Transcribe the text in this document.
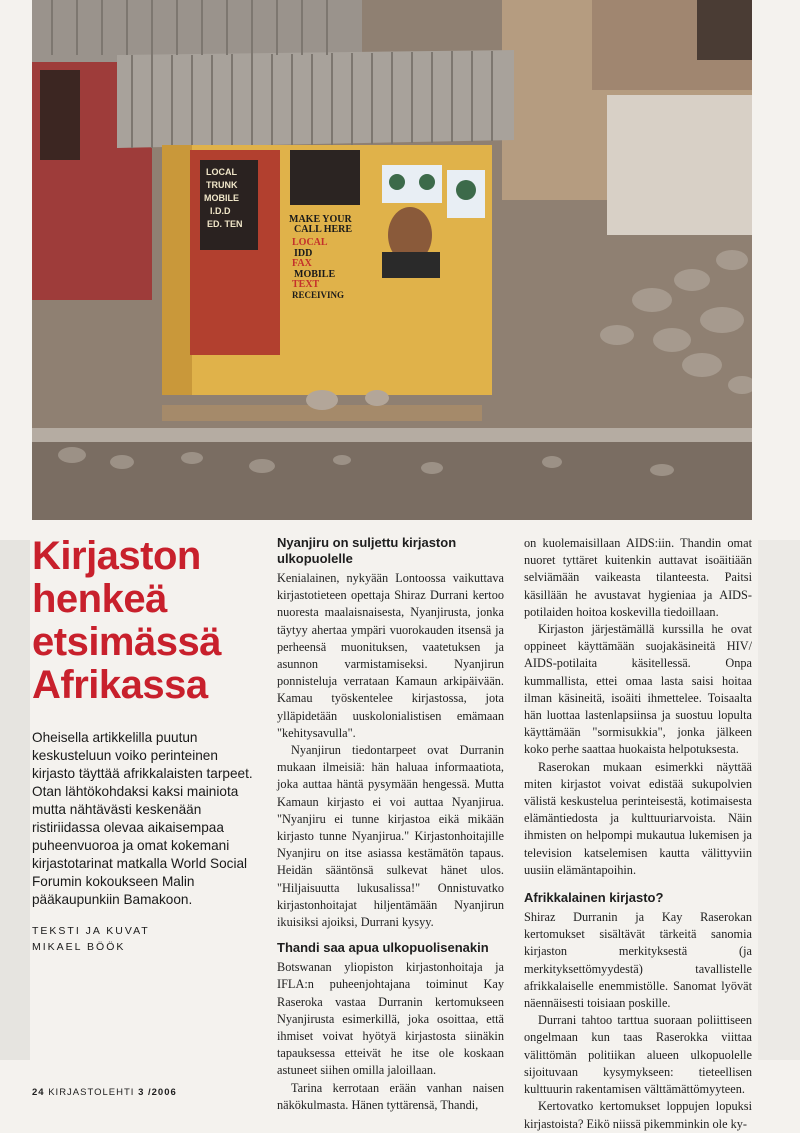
LOCAL
TRUNK
MOBILE
I.D.D
ED. TEN	MAKE YOUR
CALL HERE
LOCAL
IDD
FAX
MOBILE
TEXT
RECEIVING
Kirjaston henkeä etsimässä Afrikassa
Oheisella artikkelilla puutun keskusteluun voiko perinteinen kirjasto täyttää afrikkalaisten tarpeet. Otan lähtökohdaksi kaksi mainiota mutta nähtävästi keskenään ristiriidassa olevaa aikaisempaa puheenvuoroa ja omat kokemani kirjastotarinat matkalla World Social Forumin kokoukseen Malin pääkaupunkiin Bamakoon.
TEKSTI JA KUVAT
MIKAEL BÖÖK
Nyanjiru on suljettu kirjaston ulkopuolelle

Kenialainen, nykyään Lontoossa vaikuttava kirjastotieteen opettaja Shiraz Durrani kertoo nuoresta maalaisnaisesta, Nyanjirusta, jonka täytyy ahertaa ympäri vuorokauden itsensä ja perheensä muonituksen, vaatetuksen ja asunnon varmistamiseksi. Nyanjirun ponnisteluja verrataan Kamaun arkipäivään. Kamau työskentelee kirjastossa, jota ylläpidetään uuskolonialistisen emämaan "kehitysavulla".

Nyanjirun tiedontarpeet ovat Durranin mukaan ilmeisiä: hän haluaa informaatiota, joka auttaa häntä pysymään hengessä. Mutta Kamaun kirjasto ei voi auttaa Nyanjirua. "Nyanjiru ei tunne kirjastoa eikä mikään kirjasto tunne Nyanjirua." Kirjastonhoitajille Nyanjiru on itse asiassa kestämätön tapaus. Heidän sääntönsä sulkevat hänet ulos. "Hiljaisuutta lukusalissa!" Onnistuvatko kirjastonhoitajat hiljentämään Nyanjirun ikuisiksi ajoiksi, Durrani kysyy.

Thandi saa apua ulkopuolisenakin

Botswanan yliopiston kirjastonhoitaja ja IFLA:n puheenjohtajana toiminut Kay Raseroka vastaa Durranin kertomukseen Nyanjirusta esimerkillä, joka osoittaa, että ihmiset voivat hyötyä kirjastosta siinäkin tapauksessa etteivät he itse ole koskaan astuneet siihen omilla jaloillaan.

Tarina kerrotaan erään vanhan naisen näkökulmasta. Hänen tyttärensä, Thandi,

on kuolemaisillaan AIDS:iin. Thandin omat nuoret tyttäret kuitenkin auttavat isoäitiään selviämään vaikeasta tilanteesta. Paitsi käsillään he avustavat hygieniaa ja AIDS-potilaiden hoitoa koskevilla tiedoillaan.

Kirjaston järjestämällä kurssilla he ovat oppineet käyttämään suojakäsineitä HIV/ AIDS-potilaita käsitellessä. Onpa kummallista, ettei omaa lasta saisi hoitaa ilman käsineitä, isoäiti ihmettelee. Toisaalta hän luottaa lastenlapsiinsa ja suostuu lopulta käyttämään "sormisukkia", jonka jälkeen koko perhe saattaa huokaista helpotuksesta.

Raserokan mukaan esimerkki näyttää miten kirjastot voivat edistää sukupolvien välistä keskustelua perinteisestä, kotimaisesta elämäntiedosta ja kulttuuriarvoista. Näin ihmisten on helpompi mukautua lukemisen ja television katselemisen kautta välittyviin uusiin elämäntapoihin.

Afrikkalainen kirjasto?

Shiraz Durranin ja Kay Raserokan kertomukset sisältävät tärkeitä sanomia kirjaston merkityksestä (ja merkityksettömyydestä) tavallistelle afrikkalaiselle enemmistölle. Sanomat lyövät näennäisesti toisiaan poskille.

Durrani tahtoo tarttua suoraan poliittiseen ongelmaan kun taas Raserokka viittaa välittömän politiikan alueen ulkopuolelle sijoituvaan kysymykseen: tieteellisen kulttuurin rakentamisen välttämättömyyteen.

Kertovatko kertomukset loppujen lopuksi kirjastoista? Eikö niissä pikemminkin ole ky-

24 KIRJASTOLEHTI 3 /2006
